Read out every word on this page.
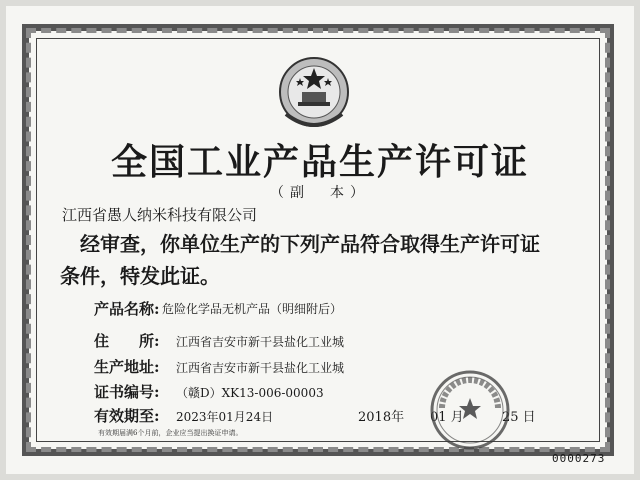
全国工业产品生产许可证
（副　本）
江西省愚人纳米科技有限公司
经审查，你单位生产的下列产品符合取得生产许可证
条件，特发此证。
产品名称: 危险化学品无机产品（明细附后）
住　　所: 江西省吉安市新干县盐化工业城
生产地址: 江西省吉安市新干县盐化工业城
证书编号: （赣D）XK13-006-00003
有效期至: 2023年01月24日	2018年 01 月	25 日
有效期届满6个月前，企业应当提出换证申请。
0000273
